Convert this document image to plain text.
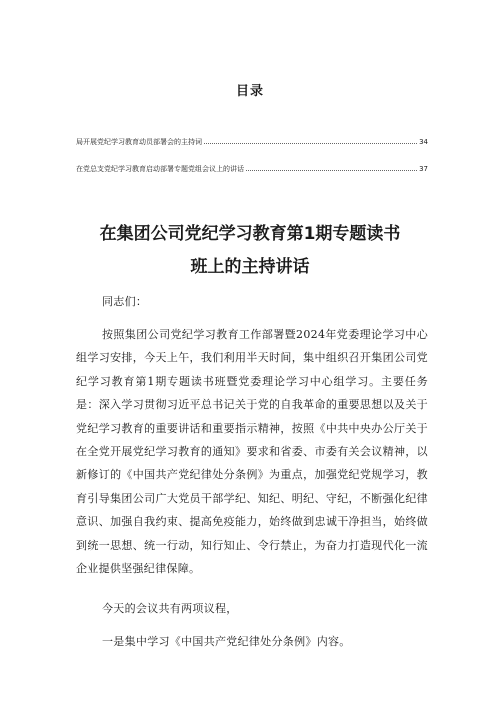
目录
局开展党纪学习教育动员部署会的主持词	34
在党总支党纪学习教育启动部署专题党组会议上的讲话	37
在集团公司党纪学习教育第1期专题读书
班上的主持讲话
同志们：
按照集团公司党纪学习教育工作部署暨2024年党委理论学习中心组学习安排，今天上午，我们利用半天时间，集中组织召开集团公司党纪学习教育第1期专题读书班暨党委理论学习中心组学习。主要任务是：深入学习贯彻习近平总书记关于党的自我革命的重要思想以及关于党纪学习教育的重要讲话和重要指示精神，按照《中共中央办公厅关于在全党开展党纪学习教育的通知》要求和省委、市委有关会议精神，以新修订的《中国共产党纪律处分条例》为重点，加强党纪党规学习，教育引导集团公司广大党员干部学纪、知纪、明纪、守纪，不断强化纪律意识、加强自我约束、提高免疫能力，始终做到忠诚干净担当，始终做到统一思想、统一行动，知行知止、令行禁止，为奋力打造现代化一流企业提供坚强纪律保障。
今天的会议共有两项议程，
一是集中学习《中国共产党纪律处分条例》内容。
